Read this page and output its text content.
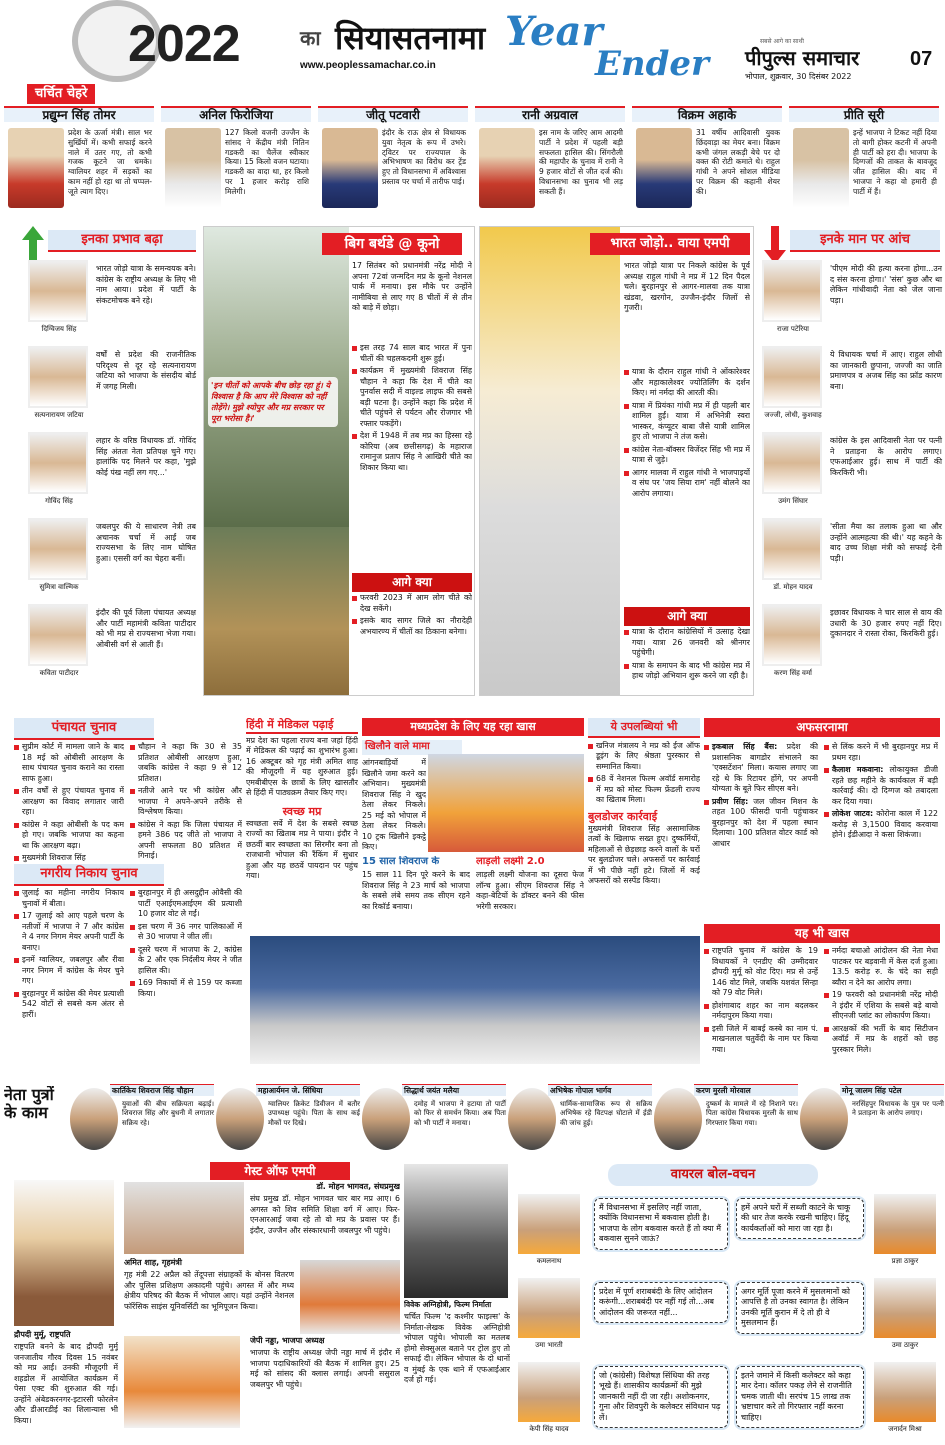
2022	का सियासतनामा Year
Ender
www.peoplessamachar.co.in
सबसे आगे का साथी
पीपुल्स समाचार	07
भोपाल, शुक्रवार, 30 दिसंबर 2022
चर्चित चेहरे
प्रद्युम्न सिंह तोमर
प्रदेश के ऊर्जा मंत्री। साल भर सुर्खियों में। कभी सफाई करने नाले में उतर गए, तो कभी गजक कूटने जा धमके। ग्वालियर शहर में सड़कों का काम नहीं हो रहा था तो चप्पल-जूते त्याग दिए।
अनिल फिरोजिया
127 किलो वजनी उज्जैन के सांसद ने केंद्रीय मंत्री नितिन गडकरी का चैलेंज स्वीकार किया। 15 किलो वजन घटाया। गडकरी का वादा था, हर किलो पर 1 हजार करोड़ राशि मिलेगी।
जीतू पटवारी
इंदौर के राऊ क्षेत्र से विधायक युवा नेतृत्व के रूप में उभरे। ट्विटर पर राज्यपाल के अभिभाषण का विरोध कर ट्रेंड हुए तो विधानसभा में अविश्वास प्रस्ताव पर चर्चा में तारीफ पाई।
रानी अग्रवाल
इस नाम के जरिए आम आदमी पार्टी ने प्रदेश में पहली बड़ी सफलता हासिल की। सिंगरौली की महापौर के चुनाव में रानी ने 9 हजार वोटों से जीत दर्ज की। विधानसभा का चुनाव भी लड़ सकती हैं।
विक्रम अहाके
31 वर्षीय आदिवासी युवक छिंदवाड़ा का मेयर बना। विक्रम कभी जंगल लकड़ी बेचे पर दो वक्त की रोटी कमाते थे। राहुल गांधी ने अपने सोशल मीडिया पर विक्रम की कहानी शेयर की।
प्रीति सूरी
इन्हें भाजपा ने टिकट नहीं दिया तो बागी होकर कटनी में अपनी ही पार्टी को हरा दी। भाजपा के दिग्गजों की ताकत के बावजूद जीत हासिल की। बाद में भाजपा ने कहा वो हमारी ही पार्टी में हैं।
इनका प्रभाव बढ़ा
दिग्विजय सिंह
भारत जोड़ो यात्रा के समन्वयक बने। कांग्रेस के राष्ट्रीय अध्यक्ष के लिए भी नाम आया। प्रदेश में पार्टी के संकटमोचक बने रहे।
सत्यनारायण जटिया
वर्षों से प्रदेश की राजनीतिक परिदृश्य से दूर रहे सत्यनारायण जटिया को भाजपा के संसदीय बोर्ड में जगह मिली।
गोविंद सिंह
लहार के वरिष्ठ विधायक डॉ. गोविंद सिंह अंततः नेता प्रतिपक्ष चुने गए। हालांकि पद मिलने पर कहा, 'मुझे कोई पंख नहीं लग गए...'
सुमित्रा वाल्मिक
जबलपुर की ये साधारण नेत्री तब अचानक चर्चा में आईं जब राज्यसभा के लिए नाम घोषित हुआ। एससी वर्ग का चेहरा बनीं।
कविता पाटीदार
इंदौर की पूर्व जिला पंचायत अध्यक्ष और पार्टी महामंत्री कविता पाटीदार को भी मप्र से राज्यसभा भेजा गया। ओबीसी वर्ग से आती हैं।
'इन चीतों को आपके बीच छोड़ रहा हूं। ये विश्वास है कि आप मेरे विश्वास को नहीं तोड़ेंगे। मुझे श्योपुर और मप्र सरकार पर पूरा भरोसा है।'
बिग बर्थडे @ कूनो
17 सितंबर को प्रधानमंत्री नरेंद्र मोदी ने अपना 72वां जन्मदिन मप्र के कूनो नेशनल पार्क में मनाया। इस मौके पर उन्होंने नामीबिया से लाए गए 8 चीतों में से तीन को बाड़े में छोड़ा।
इस तरह 74 साल बाद भारत में पुनः चीतों की चहलकदमी शुरू हुई।
कार्यक्रम में मुख्यमंत्री शिवराज सिंह चौहान ने कहा कि देश में चीते का पुनर्वास सदी में वाइल्ड लाइफ की सबसे बड़ी घटना है। उन्होंने कहा कि प्रदेश में चीते पहुंचने से पर्यटन और रोजगार भी रफ्तार पकड़ेंगे।
देश में 1948 में तब मप्र का हिस्सा रहे कोरिया (अब छत्तीसगढ़) के महाराज रामानुज प्रताप सिंह ने आखिरी चीते का शिकार किया था।
आगे क्या
फरवरी 2023 में आम लोग चीते को देख सकेंगे।
इसके बाद सागर जिले का नौरादेही अभयारण्य में चीतों का ठिकाना बनेगा।
भारत जोड़ो.. वाया एमपी
भारत जोड़ो यात्रा पर निकले कांग्रेस के पूर्व अध्यक्ष राहुल गांधी ने मप्र में 12 दिन पैदल चले। बुरहानपुर से आगर-मालवा तक यात्रा खंडवा, खरगोन, उज्जैन-इंदौर जिलों से गुजरी।
यात्रा के दौरान राहुल गांधी ने ओंकारेश्वर और महाकालेश्वर ज्योतिर्लिंग के दर्शन किए। मां नर्मदा की आरती की।
यात्रा में प्रियंका गांधी मप्र में ही पहली बार शामिल हुईं। यात्रा में अभिनेत्री स्वरा भास्कर, कंप्यूटर बाबा जैसे यात्री शामिल हुए तो भाजपा ने तंज कसे।
कांग्रेस नेता-बॉक्सर विजेंदर सिंह भी मप्र में यात्रा से जुड़े।
आगर मालवा में राहुल गांधी ने भाजपाइयों व संघ पर 'जय सिया राम' नहीं बोलने का आरोप लगाया।
आगे क्या
यात्रा के दौरान कांग्रेसियों में उत्साह देखा गया। यात्रा 26 जनवरी को श्रीनगर पहुंचेगी।
यात्रा के समापन के बाद भी कांग्रेस मप्र में हाथ जोड़ो अभियान शुरू करने जा रही है।
इनके मान पर आंच
राजा पटेरिया
'पीएम मोदी की हत्या करना होगा...उन द संस करना होगा।' 'संस' कुछ और था लेकिन गांधीवादी नेता को जेल जाना पड़ा।
जज्जी, लोधी, कुशवाह
ये विधायक चर्चा में आए। राहुल लोधी का जानकारी छुपाना, जज्जी का जाति प्रमाणपत्र व अजब सिंह का फ्रॉड कारण बना।
उमंग सिंघार
कांग्रेस के इस आदिवासी नेता पर पत्नी ने प्रताड़ना के आरोप लगाए। एफआईआर हुई। साथ में पार्टी की किरकिरी भी।
डॉ. मोहन यादव
'सीता मैया का तलाक हुआ था और उन्होंने आत्महत्या की थी।' यह कहने के बाद उच्च शिक्षा मंत्री को सफाई देनी पड़ी।
करण सिंह वर्मा
इछावर विधायक ने चार साल से वाय की उधारी के 30 हजार रुपए नहीं दिए। दुकानदार ने रास्ता रोका, किरकिरी हुई।
पंचायत चुनाव
सुप्रीम कोर्ट में मामला जाने के बाद 18 मई को ओबीसी आरक्षण के साथ पंचायत चुनाव कराने का रास्ता साफ हुआ।
तीन वर्षों से हुए पंचायत चुनाव में आरक्षण का विवाद लगातार जारी रहा।
कांग्रेस ने कहा ओबीसी के पद कम हो गए। जबकि भाजपा का कहना था कि आरक्षण बढ़ा।
मुख्यमंत्री शिवराज सिंह
चौहान ने कहा कि 30 से 35 प्रतिशत ओबीसी आरक्षण हुआ, जबकि कांग्रेस ने कहा 9 से 12 प्रतिशत।
नतीजे आने पर भी कांग्रेस और भाजपा ने अपने-अपने तरीके से विश्लेषण किया।
कांग्रेस ने कहा कि जिला पंचायत में हमने 386 पद जीते तो भाजपा ने अपनी सफलता 80 प्रतिशत में गिनाई।
नगरीय निकाय चुनाव
जुलाई का महीना नगरीय निकाय चुनावों में बीता।
17 जुलाई को आए पहले चरण के नतीजों में भाजपा ने 7 और कांग्रेस ने 4 नगर निगम मेयर अपनी पार्टी के बनाए।
इनमें ग्वालियर, जबलपुर और रीवा नगर निगम में कांग्रेस के मेयर चुने गए।
बुरहानपुर में कांग्रेस की मेयर प्रत्याशी 542 वोटों से सबसे कम अंतर से हारीं।
बुरहानपुर में ही असदुद्दीन ओवैसी की पार्टी एआईएमआईएम की प्रत्याशी 10 हजार वोट ले गईं।
इस चरण में 36 नगर पालिकाओं में से 30 भाजपा ने जीत लीं।
दूसरे चरण में भाजपा के 2, कांग्रेस के 2 और एक निर्दलीय मेयर ने जीत हासिल की।
169 निकायों में से 159 पर कब्जा किया।
हिंदी में मेडिकल पढ़ाई
मप्र देश का पहला राज्य बना जहां हिंदी में मेडिकल की पढ़ाई का शुभारंभ हुआ। 16 अक्टूबर को गृह मंत्री अमित शाह की मौजूदगी में यह शुरुआत हुई। एमबीबीएस के छात्रों के लिए खासतौर से हिंदी में पाठ्यक्रम तैयार किए गए।
स्वच्छ मप्र
स्वच्छता सर्वे में देश के सबसे स्वच्छ राज्यों का खिताब मप्र ने पाया। इंदौर ने छठवीं बार स्वच्छता का सिरमौर बना तो राजधानी भोपाल की रैंकिंग में सुधार हुआ और यह छठवें पायदान पर पहुंच गया।
मध्यप्रदेश के लिए यह रहा खास
खिलौने वाले मामा
आंगनबाड़ियों में खिलौने जमा करने का अभियान। मुख्यमंत्री शिवराज सिंह ने खुद ठेला लेकर निकले। 25 मई को भोपाल में ठेला लेकर निकले। 10 ट्रक खिलौने इकट्ठे किए।
15 साल शिवराज के
15 साल 11 दिन पूरे करने के बाद शिवराज सिंह ने 23 मार्च को भाजपा के सबसे लंबे समय तक सीएम रहने का रिकॉर्ड बनाया।
लाड़ली लक्ष्मी 2.0
लाड़ली लक्ष्मी योजना का दूसरा फेज लॉन्च हुआ। सीएम शिवराज सिंह ने कहा-बेटियों के डॉक्टर बनने की फीस भरेगी सरकार।
ये उपलब्धियां भी
खनिज मंत्रालय ने मप्र को ईज ऑफ डूइंग के लिए श्रेष्ठता पुरस्कार से सम्मानित किया।
68 वें नेशनल फिल्म अवॉर्ड समारोह में मप्र को मोस्ट फिल्म फ्रेंडली राज्य का खिताब मिला।
बुलडोजर कार्रवाई
मुख्यमंत्री शिवराज सिंह असामाजिक तत्वों के खिलाफ सख्त हुए। दुष्कर्मियों, महिलाओं से छेड़छाड़ करने वालों के घरों पर बुलडोजर चले। अफसरों पर कार्रवाई में भी पीछे नहीं हटे। जिलों में कई अफसरों को सस्पेंड किया।
अफसरनामा
इकबाल सिंह बैंस: प्रदेश की प्रशासनिक बागडोर संभालने का 'एक्सटेंशन' मिला। कयास लगाए जा रहे थे कि रिटायर होंगे, पर अपनी योग्यता के बूते फिर सीएस बने।
प्रवीण सिंह: जल जीवन मिशन के तहत 100 फीसदी पानी पहुंचाकर बुरहानपुर को देश में पहला स्थान दिलाया। 100 प्रतिशत वोटर कार्ड को आधार
से लिंक करने में भी बुरहानपुर मप्र में प्रथम रहा।
कैलाश मकवाना: लोकायुक्त डीजी रहते छह महीने के कार्यकाल में बड़ी कार्रवाई की। दो दिग्गज को तबादला कर दिया गया।
लोकेश जाटव: कोरोना काल में 122 करोड़ से 3,1500 विवाद करवाया होने। ईडीआदा ने कसा शिकंजा।
यह भी खास
राष्ट्रपति चुनाव में कांग्रेस के 19 विधायकों ने एनडीए की उम्मीदवार द्रौपदी मुर्मू को वोट दिए। मप्र से उन्हें 146 वोट मिले, जबकि यशवंत सिन्हा को 79 वोट मिले।
होशंगाबाद शहर का नाम बदलकर नर्मदापुरम किया गया।
इसी जिले में बाबई कस्बे का नाम पं. माखनलाल चतुर्वेदी के नाम पर किया गया।
नर्मदा बचाओ आंदोलन की नेता मेधा पाटकर पर बड़वानी में केस दर्ज हुआ। 13.5 करोड़ रु. के चंदे का सही ब्यौरा न देने का आरोप लगा।
19 फरवरी को प्रधानमंत्री नरेंद्र मोदी ने इंदौर में एशिया के सबसे बड़े बायो सीएनजी प्लांट का लोकार्पण किया।
आरक्षकों की भर्ती के बाद सिटीजन अवॉर्ड में मप्र के शहरों को छह पुरस्कार मिले।
नेता पुत्रों के काम
कार्तिकेय शिवराज सिंह चौहान
युवाओं की बीच सक्रियता बढ़ाई। शिवराज सिंह और बुधनी में लगातार सक्रिय रहे।
महाआर्यमन जे. सिंधिया
ग्वालियर क्रिकेट डिवीजन में बतौर उपाध्यक्ष पहुंचे। पिता के साथ कई मौकों पर दिखे।
सिद्धार्थ जयंत मलैया
दमोह में भाजपा ने हटाया तो पार्टी को फिर से समर्थन किया। अब पिता को भी पार्टी ने मनाया।
अभिषेक गोपाल भार्गव
धार्मिक-सामाजिक रूप से सक्रिय अभिषेक रहे विटपक्ष घोटाले में ईडी की जांच हुई।
करण मुरली मोरवाल
दुष्कर्म के मामले में रहे निशाने पर। पिता कांग्रेस विधायक मुरली के साथ गिरफ्तार किया गया।
मोनू जालम सिंह पटेल
नरसिंहपुर विधायक के पुत्र पर पत्नी ने प्रताड़ना के आरोप लगाए।
गेस्ट ऑफ एमपी
द्रौपदी मुर्मू, राष्ट्रपति
राष्ट्रपति बनने के बाद द्रौपदी मुर्मू जनजातीय गौरव दिवस 15 नवंबर को मप्र आईं। उनकी मौजूदगी में शहडोल में आयोजित कार्यक्रम में पेसा एक्ट की शुरुआत की गई। उन्होंने अंबेडकरनगर-इटारसी फोरलेन और डीआरडीई का शिलान्यास भी किया।
डॉ. मोहन भागवत, संघप्रमुख
संघ प्रमुख डॉ. मोहन भागवत चार बार मप्र आए। 6 अगस्त को शिव समिति शिक्षा वर्ग में आए। फिर- एनआरआई जबा रहे तो वो मप्र के प्रवास पर हैं। इंदौर, उज्जैन और संस्कारधानी जबलपुर भी पहुंचे।
अमित शाह, गृहमंत्री
गृह मंत्री 22 अप्रैल को तेंदूपत्ता संग्राहकों के बोनस वितरण और पुलिस प्रशिक्षण अकादमी पहुंचे। अगस्त में और मध्य क्षेत्रीय परिषद की बैठक में भोपाल आए। यहां उन्होंने नेशनल फॉरेंसिक साइंस यूनिवर्सिटी का भूमिपूजन किया।
जेपी नड्डा, भाजपा अध्यक्ष
भाजपा के राष्ट्रीय अध्यक्ष जेपी नड्डा मार्च में इंदौर में भाजपा पदाधिकारियों की बैठक में शामिल हुए। 25 मई को सांसद की क्लास लगाई। अपनी ससुराल जबलपुर भी पहुंचे।
विवेक अग्निहोत्री, फिल्म निर्माता
चर्चित फिल्म 'द कश्मीर फाइल्स' के निर्माता-लेखक विवेक अग्निहोत्री भोपाल पहुंचे। भोपाली का मतलब होमो सेक्सुअल बताने पर ट्रोल हुए तो सफाई दी। लेकिन भोपाल के दो थानों व मुंबई के एक थाने में एफआईआर दर्ज हो गई।
वायरल बोल-वचन
कमलनाथ
मैं विधानसभा में इसलिए नहीं जाता, क्योंकि विधानसभा में बकवास होती है। भाजपा के लोग बकवास करते हैं तो क्या मैं बकवास सुनने जाऊं?
उमा भारती
प्रदेश में पूर्ण शराबबंदी के लिए आंदोलन करूंगी...शराबबंदी पर नहीं गई तो...अब आंदोलन की जरूरत नहीं...
केपी सिंह यादव
जो (कांग्रेसी) विशेषज्ञ सिंधिया की तरह भूखे हैं। शासकीय कार्यक्रमों की मुझे जानकारी नहीं दी जा रही। अशोकनगर, गुना और शिवपुरी के कलेक्टर संविधान पढ़ लें।
हमें अपने घरों में सब्जी काटने के चाकू की धार तेज करके रखनी चाहिए। हिंदू कार्यकर्ताओं को मारा जा रहा है।
प्रज्ञा ठाकुर
अगर मूर्ति पूजा करने में मुसलमानों को आपत्ति है तो उनका स्वागत है। लेकिन उनकी मूर्ति कुरान में दे तो ही वे मुसलमान हैं।
उमा ठाकुर
इतने जमाने में किसी कलेक्टर को कहा मार देना। कॉलर पकड़ लेने से राजनीति चमक जाती थी। सरपंच 15 लाख तक भ्रष्टाचार करे तो गिरफ्तार नहीं करना चाहिए।
जनार्दन मिश्रा
